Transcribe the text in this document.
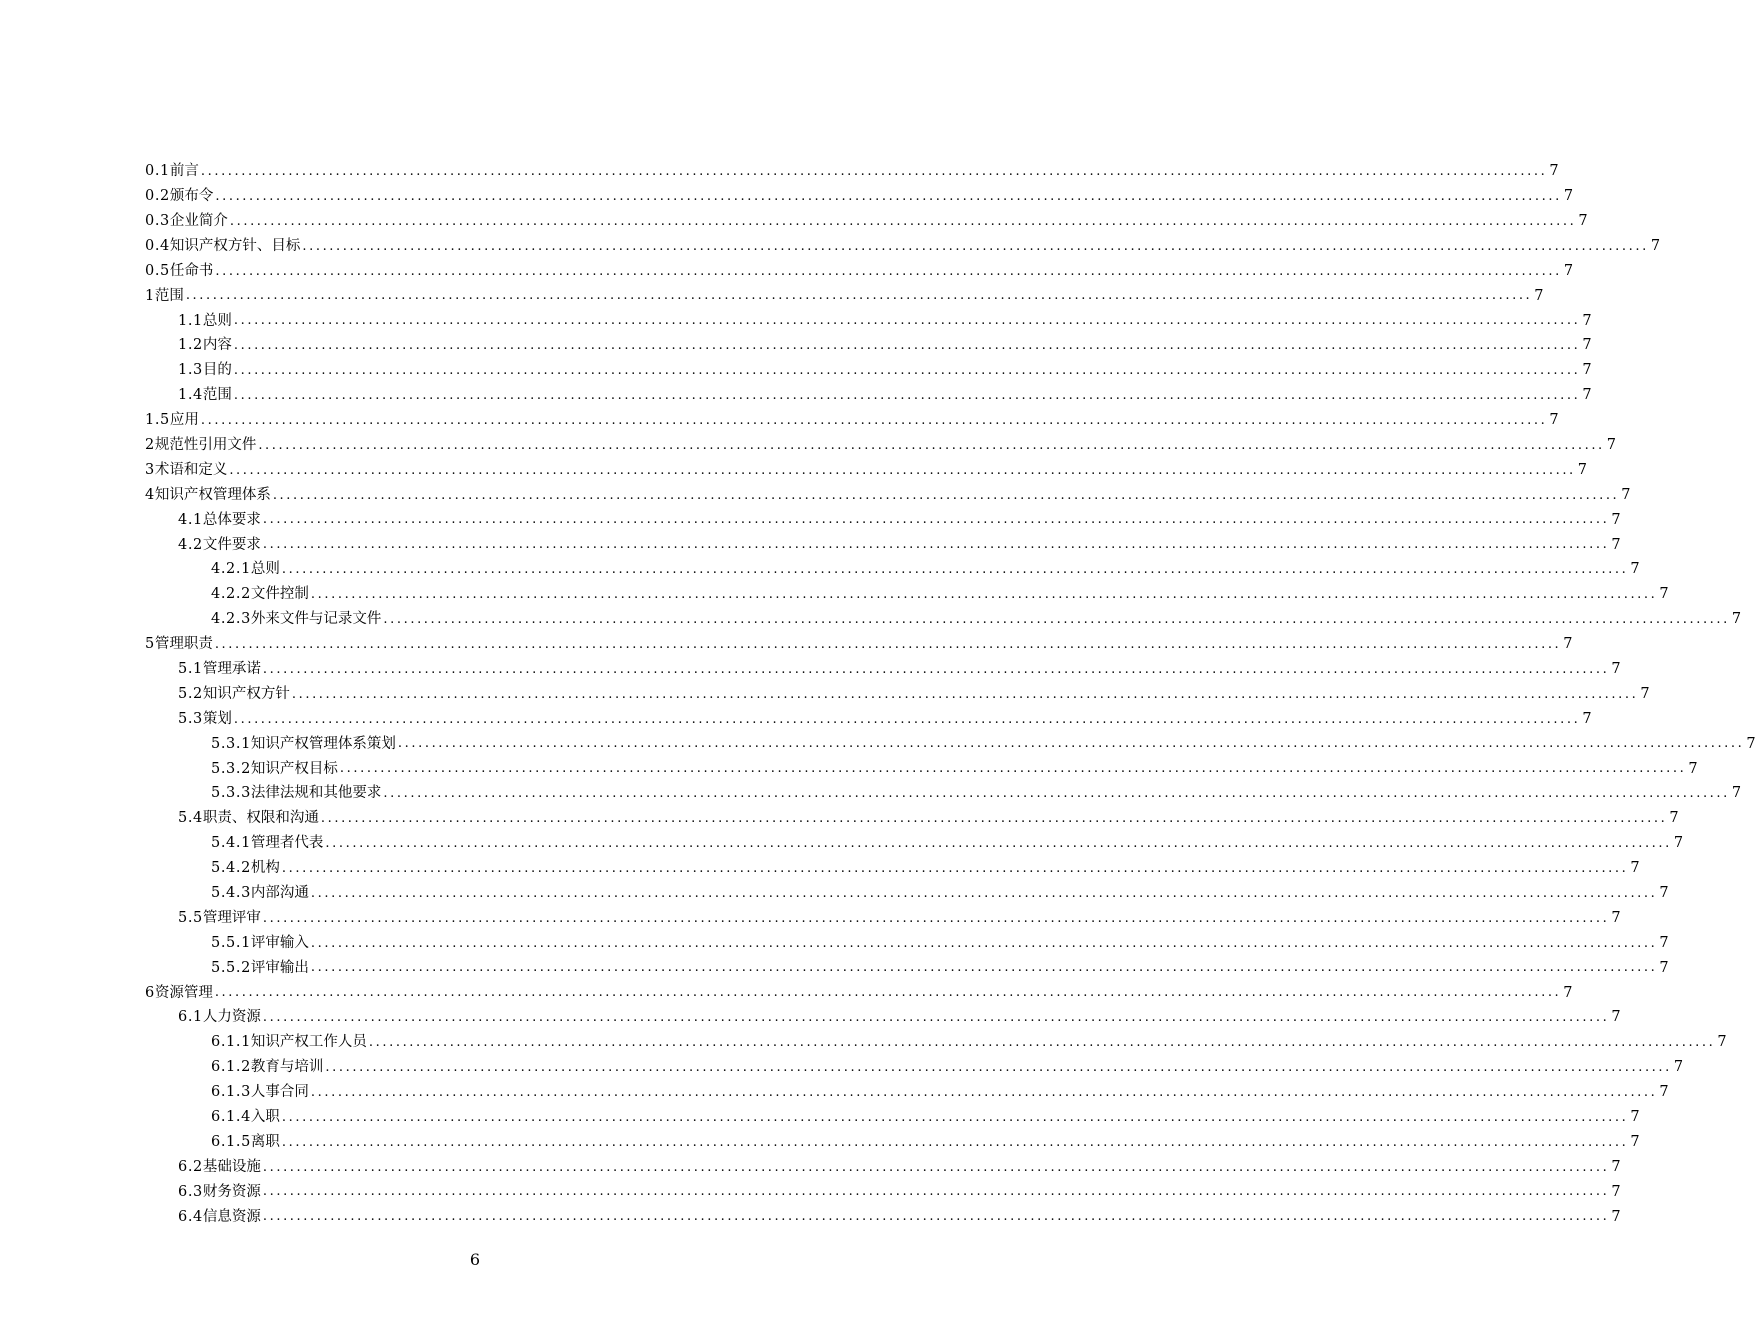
0.1前言 ........................................................................................................................................................................................................ 7
0.2颁布令 ........................................................................................................................................................................................................ 7
0.3企业简介 ........................................................................................................................................................................................................ 7
0.4知识产权方针、目标 ........................................................................................................................................................................................................ 7
0.5任命书 ........................................................................................................................................................................................................ 7
1范围 ........................................................................................................................................................................................................ 7
1.1总则 ........................................................................................................................................................................................................ 7
1.2内容 ........................................................................................................................................................................................................ 7
1.3目的 ........................................................................................................................................................................................................ 7
1.4范围 ........................................................................................................................................................................................................ 7
1.5应用 ........................................................................................................................................................................................................ 7
2规范性引用文件 ........................................................................................................................................................................................................ 7
3术语和定义 ........................................................................................................................................................................................................ 7
4知识产权管理体系 ........................................................................................................................................................................................................ 7
4.1总体要求 ........................................................................................................................................................................................................ 7
4.2文件要求 ........................................................................................................................................................................................................ 7
4.2.1总则 ........................................................................................................................................................................................................ 7
4.2.2文件控制 ........................................................................................................................................................................................................ 7
4.2.3外来文件与记录文件 ........................................................................................................................................................................................................ 7
5管理职责 ........................................................................................................................................................................................................ 7
5.1管理承诺 ........................................................................................................................................................................................................ 7
5.2知识产权方针 ........................................................................................................................................................................................................ 7
5.3策划 ........................................................................................................................................................................................................ 7
5.3.1知识产权管理体系策划 ........................................................................................................................................................................................................ 7
5.3.2知识产权目标 ........................................................................................................................................................................................................ 7
5.3.3法律法规和其他要求 ........................................................................................................................................................................................................ 7
5.4职责、权限和沟通 ........................................................................................................................................................................................................ 7
5.4.1管理者代表 ........................................................................................................................................................................................................ 7
5.4.2机构 ........................................................................................................................................................................................................ 7
5.4.3内部沟通 ........................................................................................................................................................................................................ 7
5.5管理评审 ........................................................................................................................................................................................................ 7
5.5.1评审输入 ........................................................................................................................................................................................................ 7
5.5.2评审输出 ........................................................................................................................................................................................................ 7
6资源管理 ........................................................................................................................................................................................................ 7
6.1人力资源 ........................................................................................................................................................................................................ 7
6.1.1知识产权工作人员 ........................................................................................................................................................................................................ 7
6.1.2教育与培训 ........................................................................................................................................................................................................ 7
6.1.3人事合同 ........................................................................................................................................................................................................ 7
6.1.4入职 ........................................................................................................................................................................................................ 7
6.1.5离职 ........................................................................................................................................................................................................ 7
6.2基础设施 ........................................................................................................................................................................................................ 7
6.3财务资源 ........................................................................................................................................................................................................ 7
6.4信息资源 ........................................................................................................................................................................................................ 7
6
